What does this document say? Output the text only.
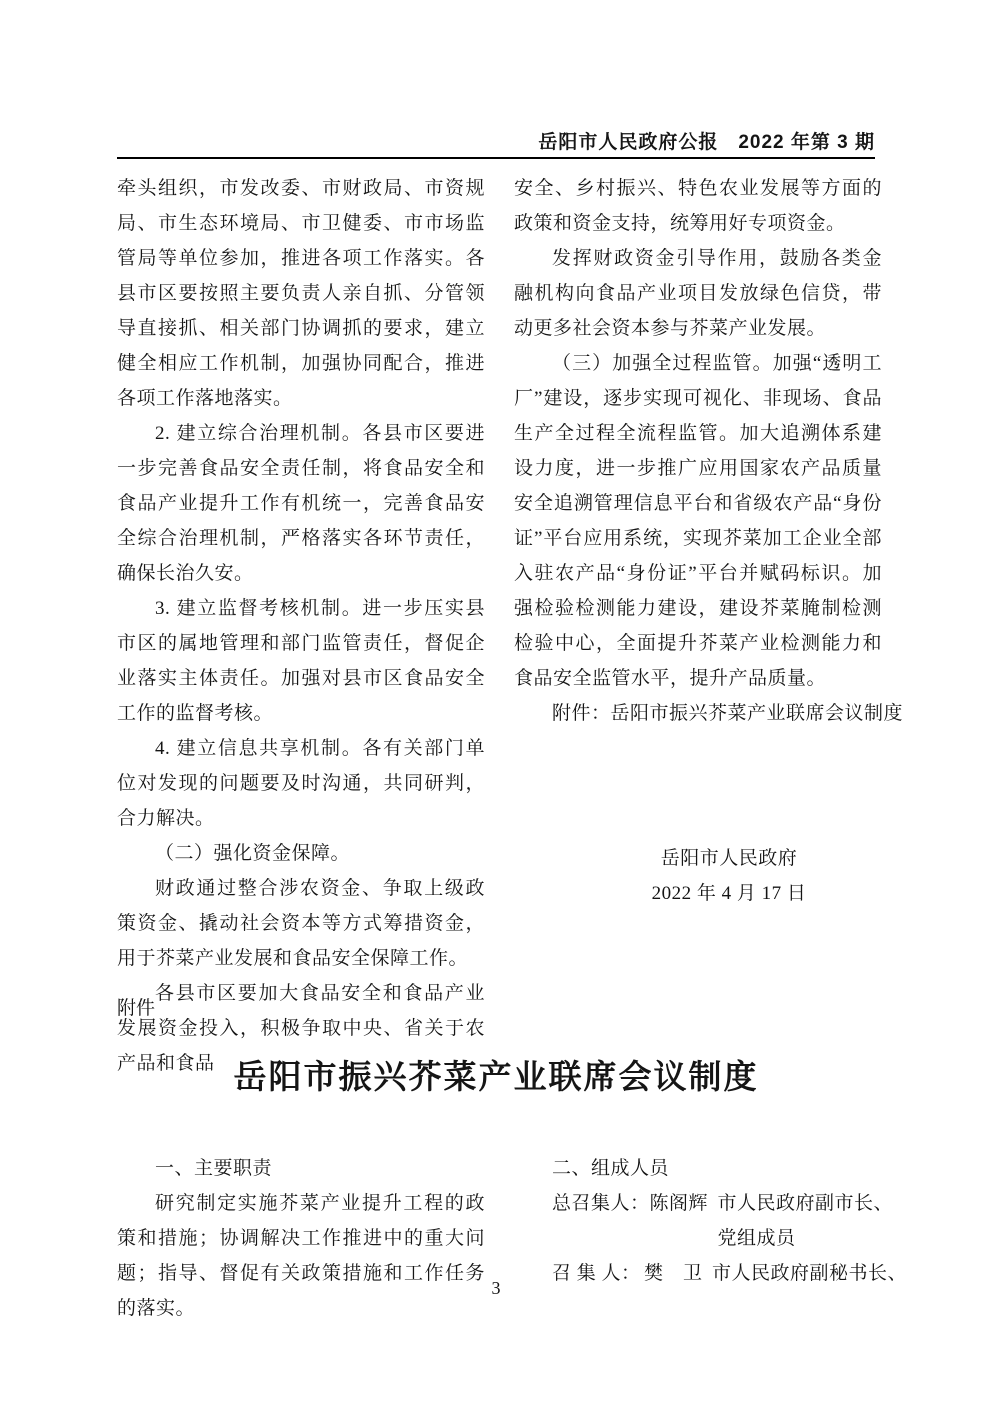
岳阳市人民政府公报　2022 年第 3 期

牵头组织，市发改委、市财政局、市资规局、市生态环境局、市卫健委、市市场监管局等单位参加，推进各项工作落实。各县市区要按照主要负责人亲自抓、分管领导直接抓、相关部门协调抓的要求，建立健全相应工作机制，加强协同配合，推进各项工作落地落实。

2. 建立综合治理机制。各县市区要进一步完善食品安全责任制，将食品安全和食品产业提升工作有机统一，完善食品安全综合治理机制，严格落实各环节责任，确保长治久安。

3. 建立监督考核机制。进一步压实县市区的属地管理和部门监管责任，督促企业落实主体责任。加强对县市区食品安全工作的监督考核。

4. 建立信息共享机制。各有关部门单位对发现的问题要及时沟通，共同研判，合力解决。

（二）强化资金保障。

财政通过整合涉农资金、争取上级政策资金、撬动社会资本等方式筹措资金，用于芥菜产业发展和食品安全保障工作。

各县市区要加大食品安全和食品产业发展资金投入，积极争取中央、省关于农产品和食品

安全、乡村振兴、特色农业发展等方面的政策和资金支持，统筹用好专项资金。

发挥财政资金引导作用，鼓励各类金融机构向食品产业项目发放绿色信贷，带动更多社会资本参与芥菜产业发展。

（三）加强全过程监管。加强“透明工厂”建设，逐步实现可视化、非现场、食品生产全过程全流程监管。加大追溯体系建设力度，进一步推广应用国家农产品质量安全追溯管理信息平台和省级农产品“身份证”平台应用系统，实现芥菜加工企业全部入驻农产品“身份证”平台并赋码标识。加强检验检测能力建设，建设芥菜腌制检测检验中心，全面提升芥菜产业检测能力和食品安全监管水平，提升产品质量。

附件：岳阳市振兴芥菜产业联席会议制度

岳阳市人民政府
2022 年 4 月 17 日
附件
岳阳市振兴芥菜产业联席会议制度
一、主要职责

研究制定实施芥菜产业提升工程的政策和措施；协调解决工作推进中的重大问题；指导、督促有关政策措施和工作任务的落实。

二、组成人员
总召集人： 陈阁辉 市人民政府副市长、
党组成员
召 集 人： 樊　卫 市人民政府副秘书长、
3
